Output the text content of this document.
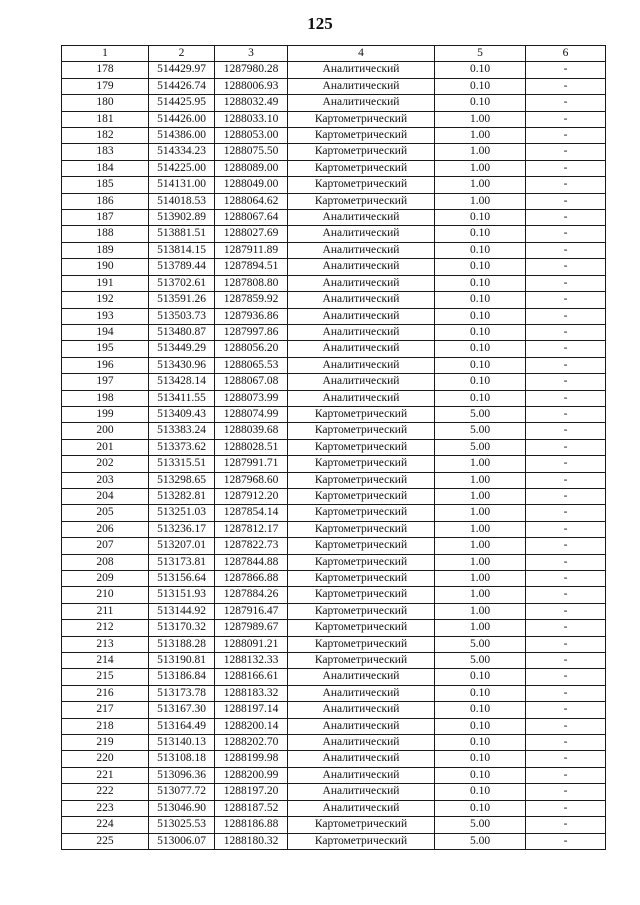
125
1	2	3	4	5	6
178	514429.97	1287980.28	Аналитический	0.10	-
179	514426.74	1288006.93	Аналитический	0.10	-
180	514425.95	1288032.49	Аналитический	0.10	-
181	514426.00	1288033.10	Картометрический	1.00	-
182	514386.00	1288053.00	Картометрический	1.00	-
183	514334.23	1288075.50	Картометрический	1.00	-
184	514225.00	1288089.00	Картометрический	1.00	-
185	514131.00	1288049.00	Картометрический	1.00	-
186	514018.53	1288064.62	Картометрический	1.00	-
187	513902.89	1288067.64	Аналитический	0.10	-
188	513881.51	1288027.69	Аналитический	0.10	-
189	513814.15	1287911.89	Аналитический	0.10	-
190	513789.44	1287894.51	Аналитический	0.10	-
191	513702.61	1287808.80	Аналитический	0.10	-
192	513591.26	1287859.92	Аналитический	0.10	-
193	513503.73	1287936.86	Аналитический	0.10	-
194	513480.87	1287997.86	Аналитический	0.10	-
195	513449.29	1288056.20	Аналитический	0.10	-
196	513430.96	1288065.53	Аналитический	0.10	-
197	513428.14	1288067.08	Аналитический	0.10	-
198	513411.55	1288073.99	Аналитический	0.10	-
199	513409.43	1288074.99	Картометрический	5.00	-
200	513383.24	1288039.68	Картометрический	5.00	-
201	513373.62	1288028.51	Картометрический	5.00	-
202	513315.51	1287991.71	Картометрический	1.00	-
203	513298.65	1287968.60	Картометрический	1.00	-
204	513282.81	1287912.20	Картометрический	1.00	-
205	513251.03	1287854.14	Картометрический	1.00	-
206	513236.17	1287812.17	Картометрический	1.00	-
207	513207.01	1287822.73	Картометрический	1.00	-
208	513173.81	1287844.88	Картометрический	1.00	-
209	513156.64	1287866.88	Картометрический	1.00	-
210	513151.93	1287884.26	Картометрический	1.00	-
211	513144.92	1287916.47	Картометрический	1.00	-
212	513170.32	1287989.67	Картометрический	1.00	-
213	513188.28	1288091.21	Картометрический	5.00	-
214	513190.81	1288132.33	Картометрический	5.00	-
215	513186.84	1288166.61	Аналитический	0.10	-
216	513173.78	1288183.32	Аналитический	0.10	-
217	513167.30	1288197.14	Аналитический	0.10	-
218	513164.49	1288200.14	Аналитический	0.10	-
219	513140.13	1288202.70	Аналитический	0.10	-
220	513108.18	1288199.98	Аналитический	0.10	-
221	513096.36	1288200.99	Аналитический	0.10	-
222	513077.72	1288197.20	Аналитический	0.10	-
223	513046.90	1288187.52	Аналитический	0.10	-
224	513025.53	1288186.88	Картометрический	5.00	-
225	513006.07	1288180.32	Картометрический	5.00	-
